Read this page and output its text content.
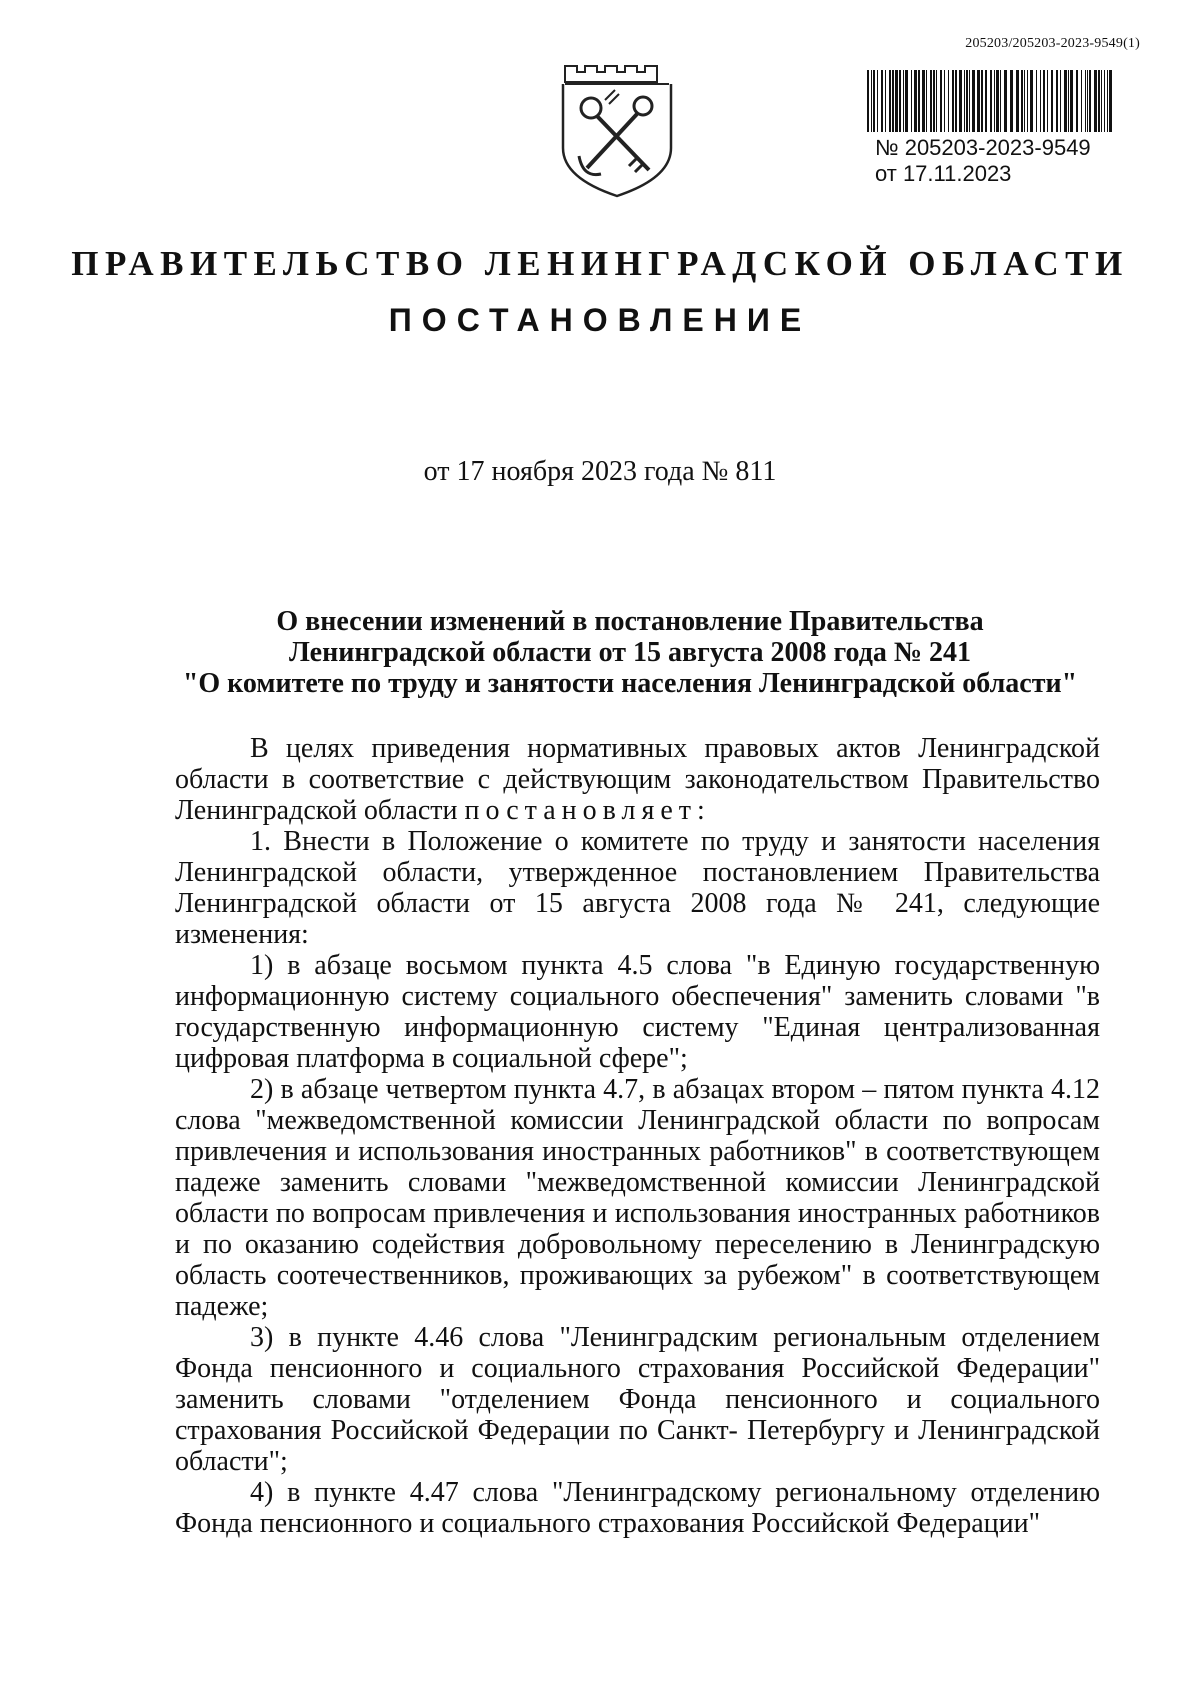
205203/205203-2023-9549(1)
№ 205203-2023-9549
от 17.11.2023
ПРАВИТЕЛЬСТВО ЛЕНИНГРАДСКОЙ ОБЛАСТИ
ПОСТАНОВЛЕНИЕ
от 17 ноября 2023 года № 811
О внесении изменений в постановление Правительства
Ленинградской области от 15 августа 2008 года № 241
"О комитете по труду и занятости населения Ленинградской области"

В целях приведения нормативных правовых актов Ленинградской области в соответствие с действующим законодательством Правительство Ленинградской области постановляет:

1. Внести в Положение о комитете по труду и занятости населения Ленинградской области, утвержденное постановлением Правительства Ленинградской области от 15 августа 2008 года № 241, следующие изменения:

1) в абзаце восьмом пункта 4.5 слова "в Единую государственную информационную систему социального обеспечения" заменить словами "в государственную информационную систему "Единая централизованная цифровая платформа в социальной сфере";

2) в абзаце четвертом пункта 4.7, в абзацах втором – пятом пункта 4.12 слова "межведомственной комиссии Ленинградской области по вопросам привлечения и использования иностранных работников" в соответствующем падеже заменить словами "межведомственной комиссии Ленинградской области по вопросам привлечения и использования иностранных работников и по оказанию содействия добровольному переселению в Ленинградскую область соотечественников, проживающих за рубежом" в соответствующем падеже;

3) в пункте 4.46 слова "Ленинградским региональным отделением Фонда пенсионного и социального страхования Российской Федерации" заменить словами "отделением Фонда пенсионного и социального страхования Российской Федерации по Санкт- Петербургу и Ленинградской области";

4) в пункте 4.47 слова "Ленинградскому региональному отделению Фонда пенсионного и социального страхования Российской Федерации"
